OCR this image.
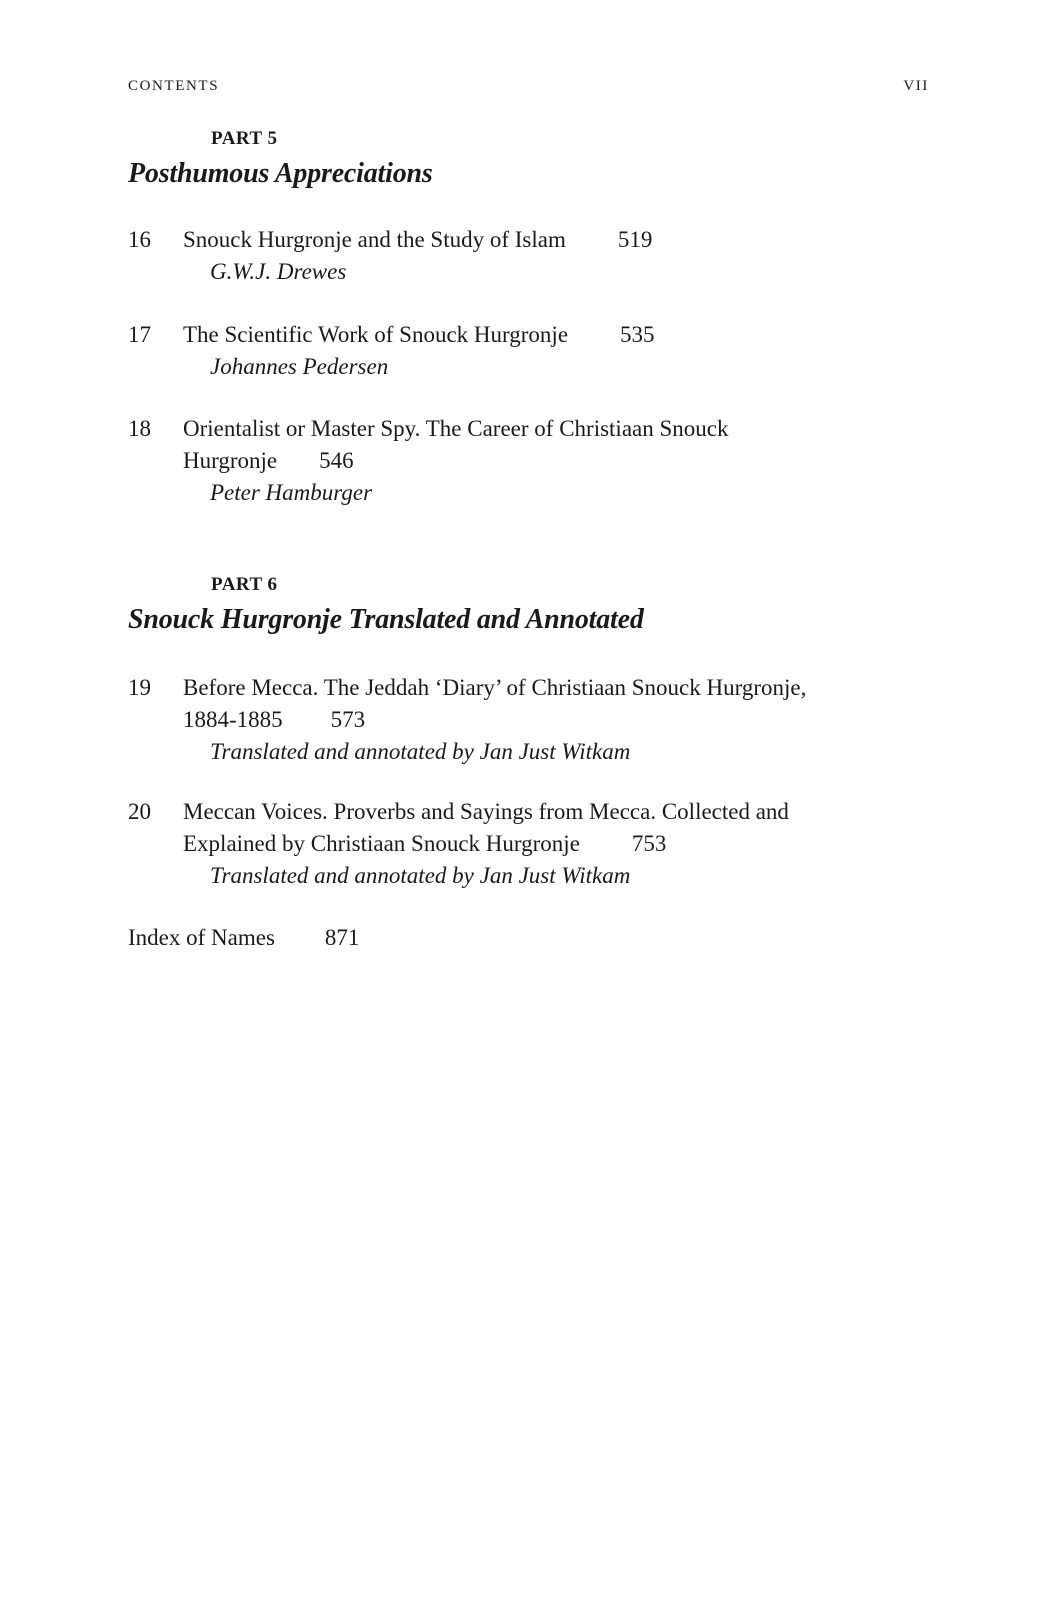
CONTENTS	VII
PART 5
Posthumous Appreciations
16 Snouck Hurgronje and the Study of Islam 519
G.W.J. Drewes
17 The Scientific Work of Snouck Hurgronje 535
Johannes Pedersen
18 Orientalist or Master Spy. The Career of Christiaan Snouck
Hurgronje 546
Peter Hamburger
PART 6
Snouck Hurgronje Translated and Annotated
19 Before Mecca. The Jeddah ‘Diary’ of Christiaan Snouck Hurgronje,
1884-1885 573
Translated and annotated by Jan Just Witkam
20 Meccan Voices. Proverbs and Sayings from Mecca. Collected and
Explained by Christiaan Snouck Hurgronje 753
Translated and annotated by Jan Just Witkam
Index of Names 871
